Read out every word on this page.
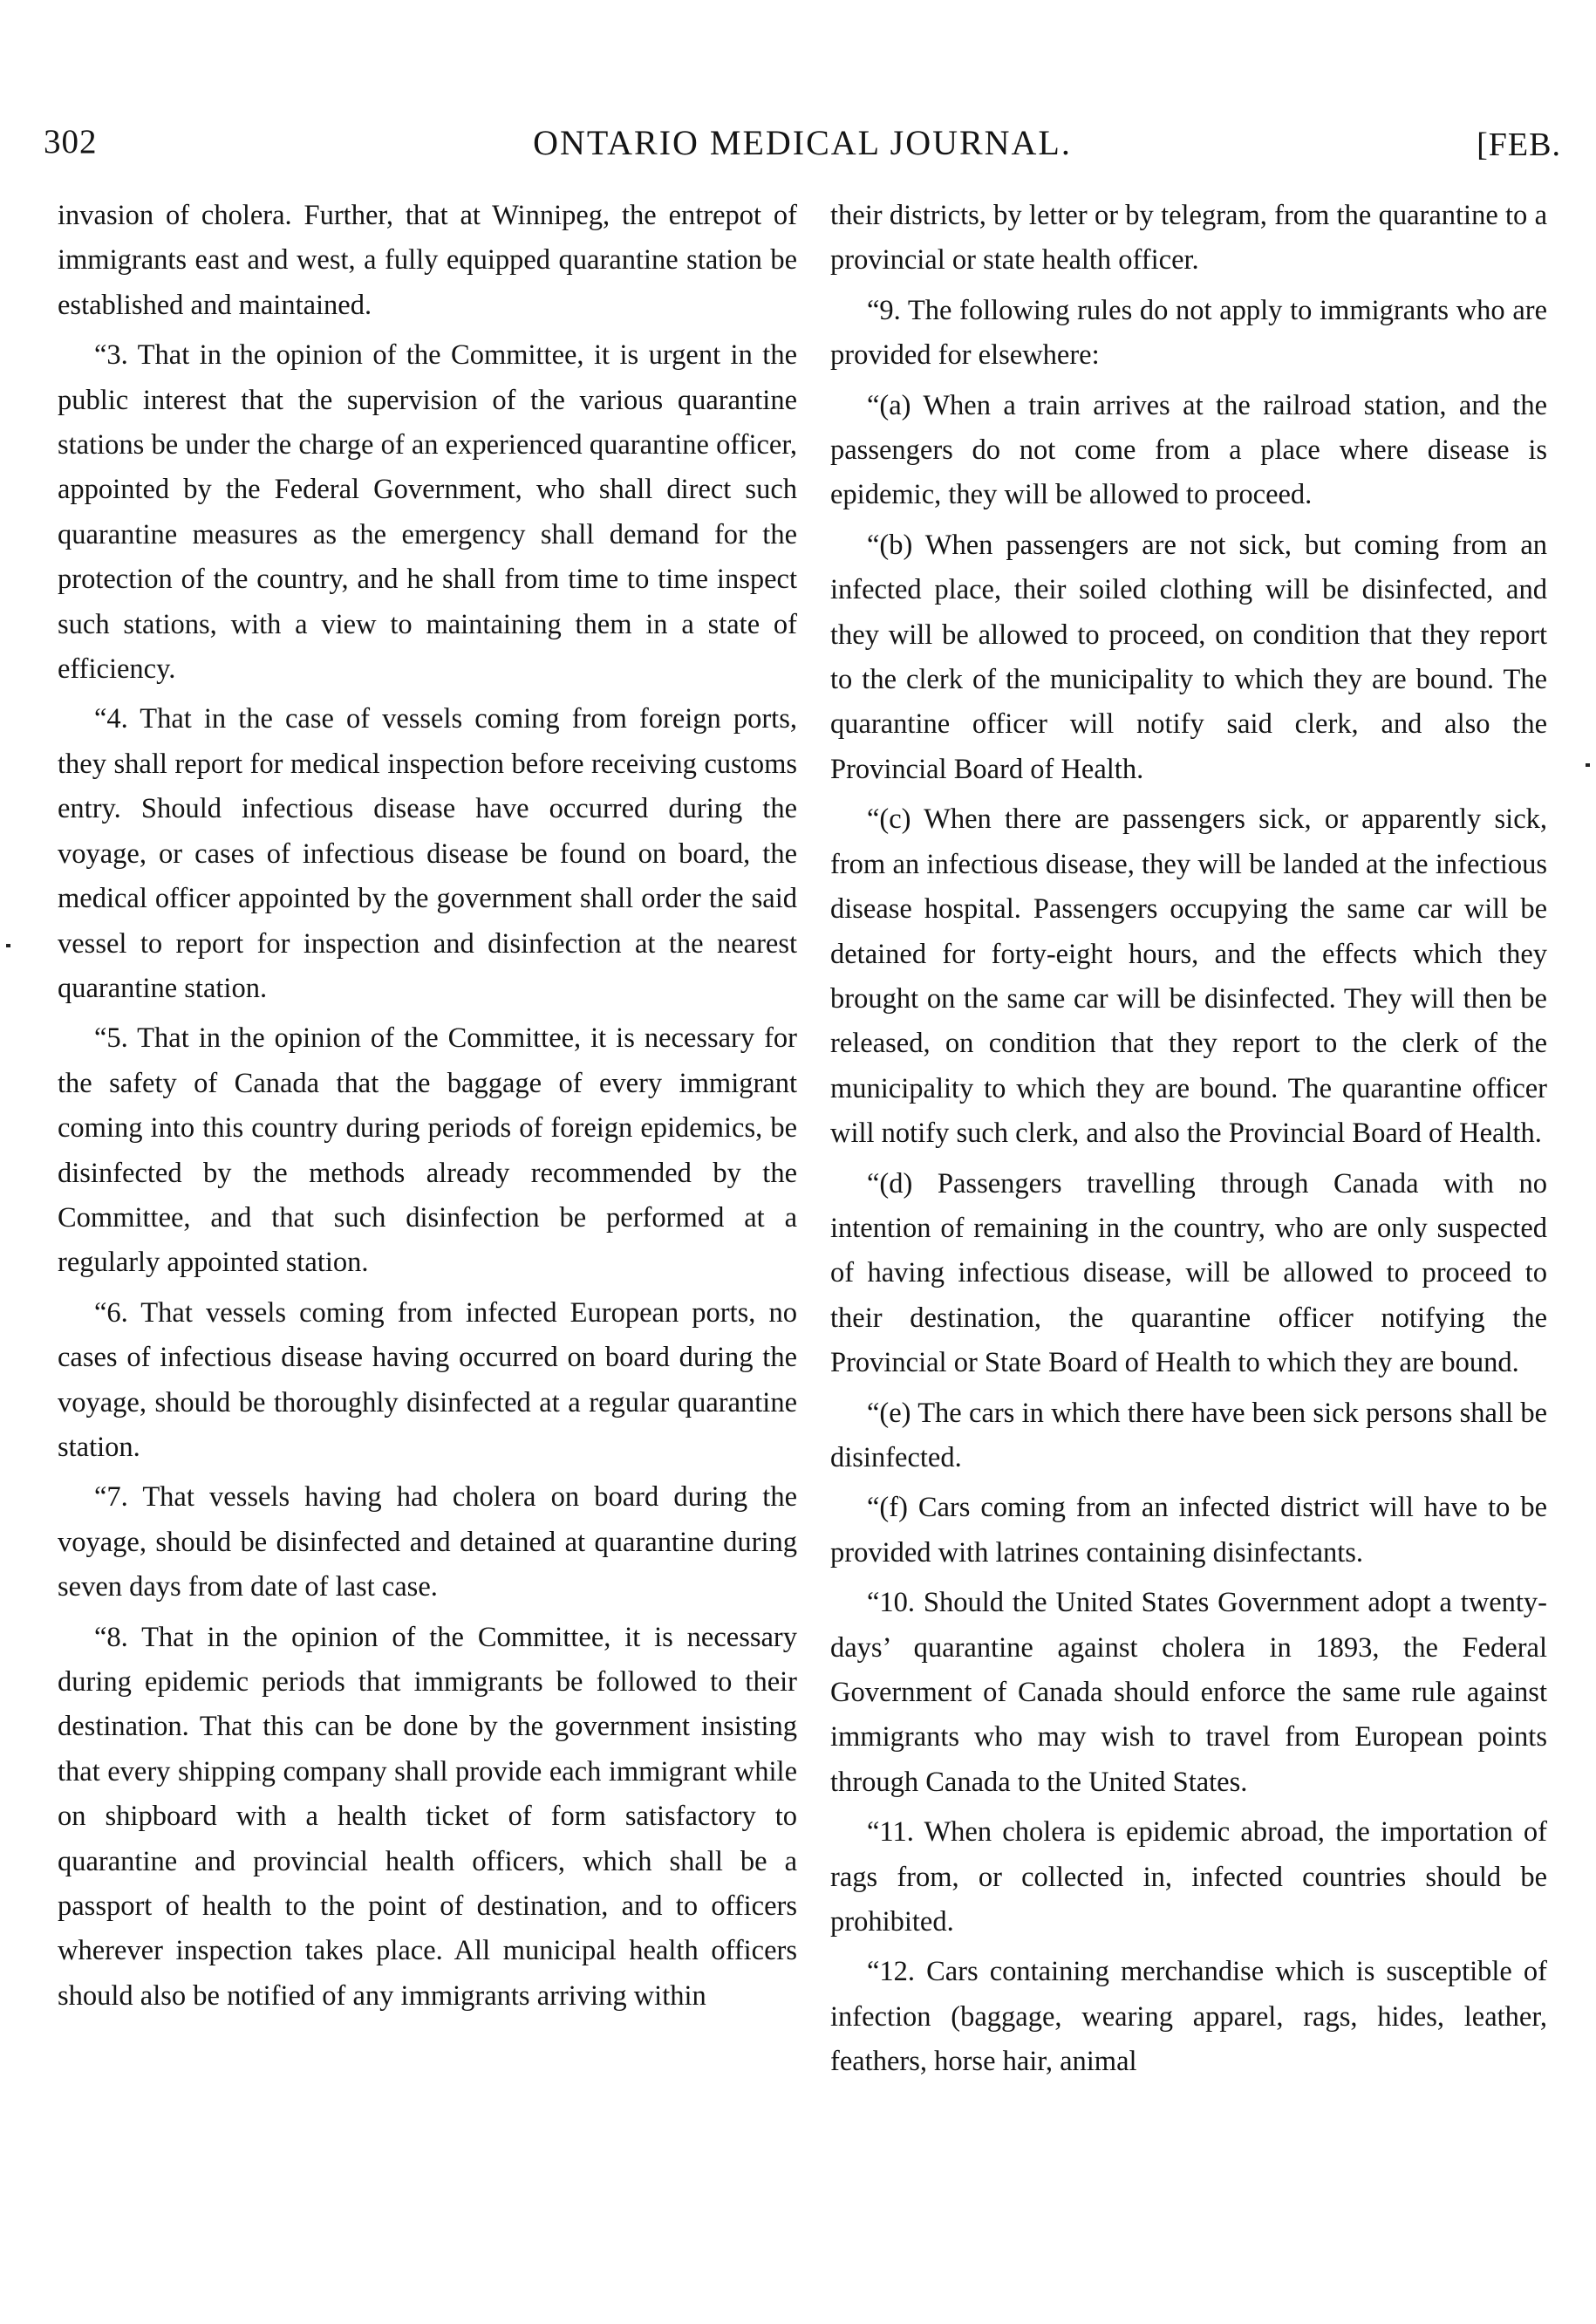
302	ONTARIO MEDICAL JOURNAL.	[FEB.

invasion of cholera. Further, that at Winnipeg, the entrepot of immigrants east and west, a fully equipped quarantine station be established and maintained.

“3. That in the opinion of the Committee, it is urgent in the public interest that the supervision of the various quarantine stations be under the charge of an experienced quarantine officer, appointed by the Federal Government, who shall direct such quarantine measures as the emergency shall demand for the protection of the country, and he shall from time to time inspect such stations, with a view to maintaining them in a state of efficiency.

“4. That in the case of vessels coming from foreign ports, they shall report for medical inspection before receiving customs entry. Should infectious disease have occurred during the voyage, or cases of infectious disease be found on board, the medical officer appointed by the government shall order the said vessel to report for inspection and disinfection at the nearest quarantine station.

“5. That in the opinion of the Committee, it is necessary for the safety of Canada that the baggage of every immigrant coming into this country during periods of foreign epidemics, be disinfected by the methods already recommended by the Committee, and that such disinfection be performed at a regularly appointed station.

“6. That vessels coming from infected European ports, no cases of infectious disease having occurred on board during the voyage, should be thoroughly disinfected at a regular quarantine station.

“7. That vessels having had cholera on board during the voyage, should be disinfected and detained at quarantine during seven days from date of last case.

“8. That in the opinion of the Committee, it is necessary during epidemic periods that immigrants be followed to their destination. That this can be done by the government insisting that every shipping company shall provide each immigrant while on shipboard with a health ticket of form satisfactory to quarantine and provincial health officers, which shall be a passport of health to the point of destination, and to officers wherever inspection takes place. All municipal health officers should also be notified of any immigrants arriving within

their districts, by letter or by telegram, from the quarantine to a provincial or state health officer.

“9. The following rules do not apply to immigrants who are provided for elsewhere:

“(a) When a train arrives at the railroad station, and the passengers do not come from a place where disease is epidemic, they will be allowed to proceed.

“(b) When passengers are not sick, but coming from an infected place, their soiled clothing will be disinfected, and they will be allowed to proceed, on condition that they report to the clerk of the municipality to which they are bound. The quarantine officer will notify said clerk, and also the Provincial Board of Health.

“(c) When there are passengers sick, or apparently sick, from an infectious disease, they will be landed at the infectious disease hospital. Passengers occupying the same car will be detained for forty-eight hours, and the effects which they brought on the same car will be disinfected. They will then be released, on condition that they report to the clerk of the municipality to which they are bound. The quarantine officer will notify such clerk, and also the Provincial Board of Health.

“(d) Passengers travelling through Canada with no intention of remaining in the country, who are only suspected of having infectious disease, will be allowed to proceed to their destination, the quarantine officer notifying the Provincial or State Board of Health to which they are bound.

“(e) The cars in which there have been sick persons shall be disinfected.

“(f) Cars coming from an infected district will have to be provided with latrines containing disinfectants.

“10. Should the United States Government adopt a twenty-days’ quarantine against cholera in 1893, the Federal Government of Canada should enforce the same rule against immigrants who may wish to travel from European points through Canada to the United States.

“11. When cholera is epidemic abroad, the importation of rags from, or collected in, infected countries should be prohibited.

“12. Cars containing merchandise which is susceptible of infection (baggage, wearing apparel, rags, hides, leather, feathers, horse hair, animal
